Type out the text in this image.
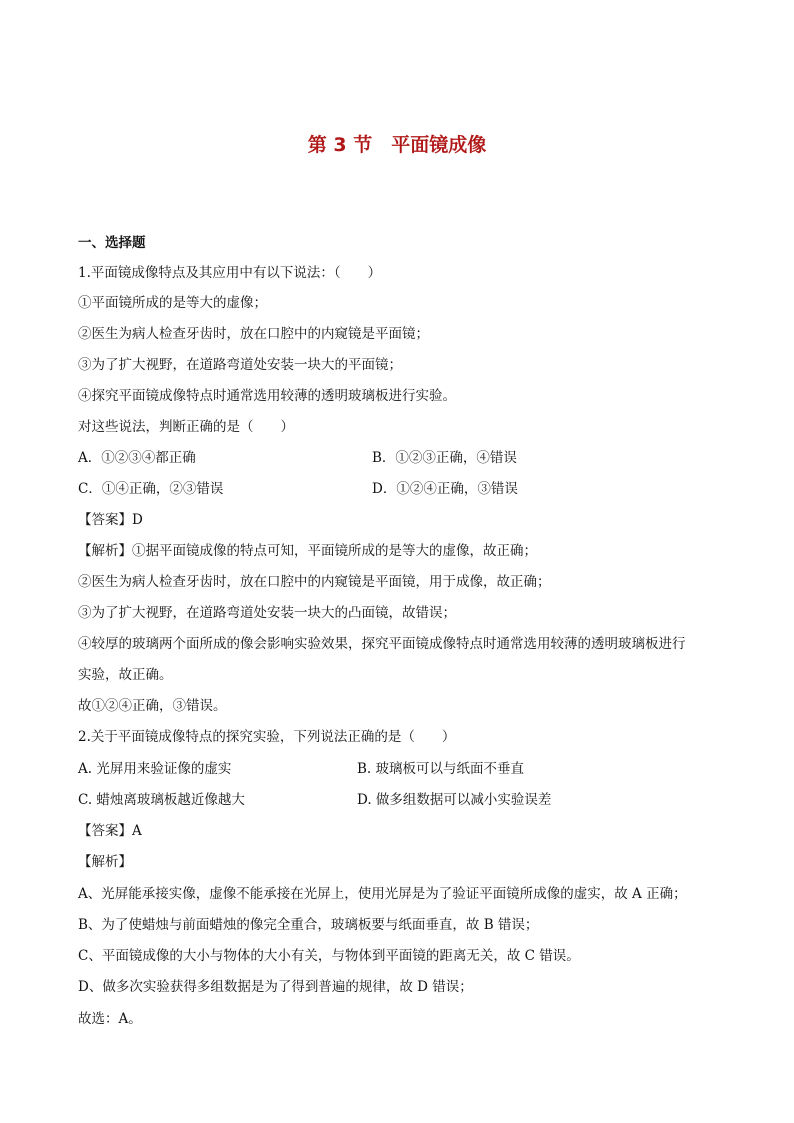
第 3 节　平面镜成像
一、选择题
1.平面镜成像特点及其应用中有以下说法：（　　）
①平面镜所成的是等大的虚像；
②医生为病人检查牙齿时，放在口腔中的内窥镜是平面镜；
③为了扩大视野，在道路弯道处安装一块大的平面镜；
④探究平面镜成像特点时通常选用较薄的透明玻璃板进行实验。
对这些说法，判断正确的是（　　）
A．①②③④都正确	B．①②③正确，④错误
C．①④正确，②③错误	D．①②④正确，③错误
【答案】D
【解析】①据平面镜成像的特点可知，平面镜所成的是等大的虚像，故正确；
②医生为病人检查牙齿时，放在口腔中的内窥镜是平面镜，用于成像，故正确；
③为了扩大视野，在道路弯道处安装一块大的凸面镜，故错误；
④较厚的玻璃两个面所成的像会影响实验效果，探究平面镜成像特点时通常选用较薄的透明玻璃板进行
实验，故正确。
故①②④正确，③错误。
2.关于平面镜成像特点的探究实验，下列说法正确的是（　　）
A. 光屏用来验证像的虚实	B. 玻璃板可以与纸面不垂直
C. 蜡烛离玻璃板越近像越大	D. 做多组数据可以减小实验误差
【答案】A
【解析】
A、光屏能承接实像，虚像不能承接在光屏上，使用光屏是为了验证平面镜所成像的虚实，故 A 正确；
B、为了使蜡烛与前面蜡烛的像完全重合，玻璃板要与纸面垂直，故 B 错误；
C、平面镜成像的大小与物体的大小有关，与物体到平面镜的距离无关，故 C 错误。
D、做多次实验获得多组数据是为了得到普遍的规律，故 D 错误；
故选：A。
